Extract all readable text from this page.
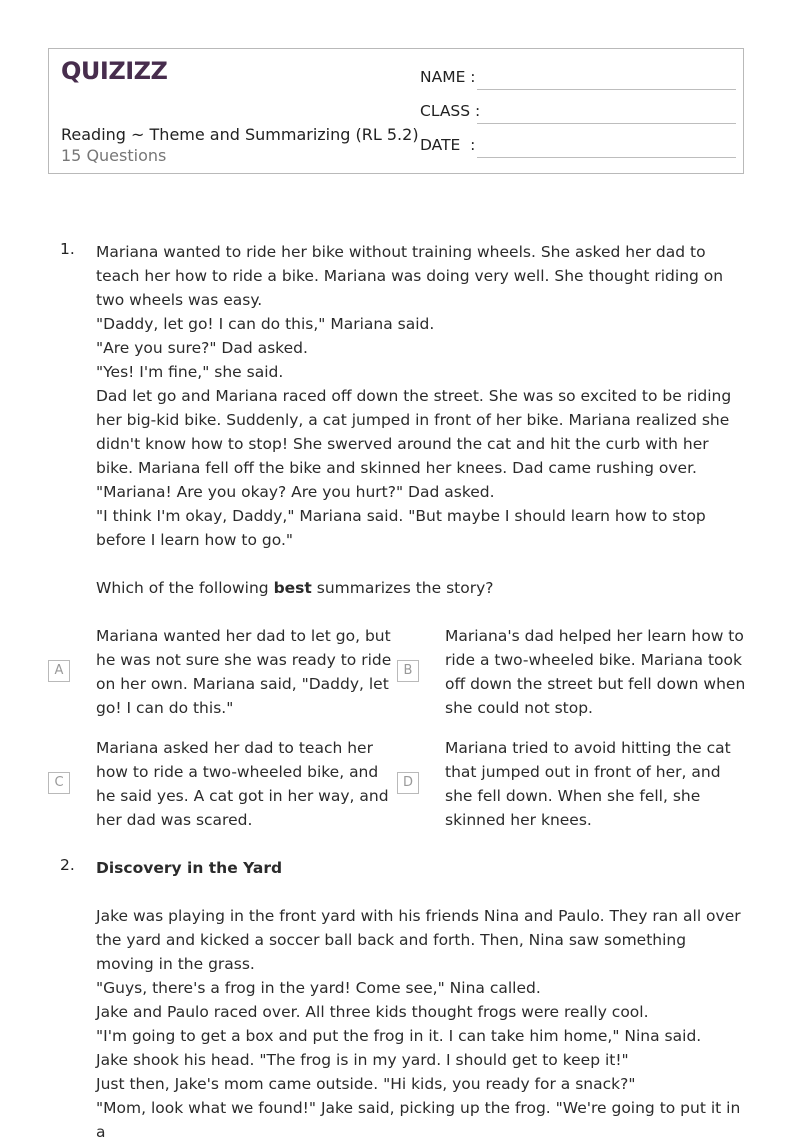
QUIZIZZ
Reading ~ Theme and Summarizing (RL 5.2)
15 Questions
NAME :
CLASS :
DATE  :
1. Mariana wanted to ride her bike without training wheels. She asked her dad to teach her how to ride a bike. Mariana was doing very well. She thought riding on two wheels was easy.

"Daddy, let go! I can do this," Mariana said.

"Are you sure?" Dad asked.

"Yes! I'm fine," she said.

Dad let go and Mariana raced off down the street. She was so excited to be riding her big-kid bike. Suddenly, a cat jumped in front of her bike. Mariana realized she didn't know how to stop! She swerved around the cat and hit the curb with her bike. Mariana fell off the bike and skinned her knees. Dad came rushing over.

"Mariana! Are you okay? Are you hurt?" Dad asked.

"I think I'm okay, Daddy," Mariana said. "But maybe I should learn how to stop before I learn how to go."

Which of the following best summarizes the story?

A
Mariana wanted her dad to let go, but he was not sure she was ready to ride on her own. Mariana said, "Daddy, let go! I can do this."
B
Mariana's dad helped her learn how to ride a two-wheeled bike. Mariana took off down the street but fell down when she could not stop.
C
Mariana asked her dad to teach her how to ride a two-wheeled bike, and he said yes. A cat got in her way, and her dad was scared.
D
Mariana tried to avoid hitting the cat that jumped out in front of her, and she fell down. When she fell, she skinned her knees.
2. Discovery in the Yard

Jake was playing in the front yard with his friends Nina and Paulo. They ran all over the yard and kicked a soccer ball back and forth. Then, Nina saw something moving in the grass.

"Guys, there's a frog in the yard! Come see," Nina called.

Jake and Paulo raced over. All three kids thought frogs were really cool.

"I'm going to get a box and put the frog in it. I can take him home," Nina said.

Jake shook his head. "The frog is in my yard. I should get to keep it!"

Just then, Jake's mom came outside. "Hi kids, you ready for a snack?"

"Mom, look what we found!" Jake said, picking up the frog. "We're going to put it in a
